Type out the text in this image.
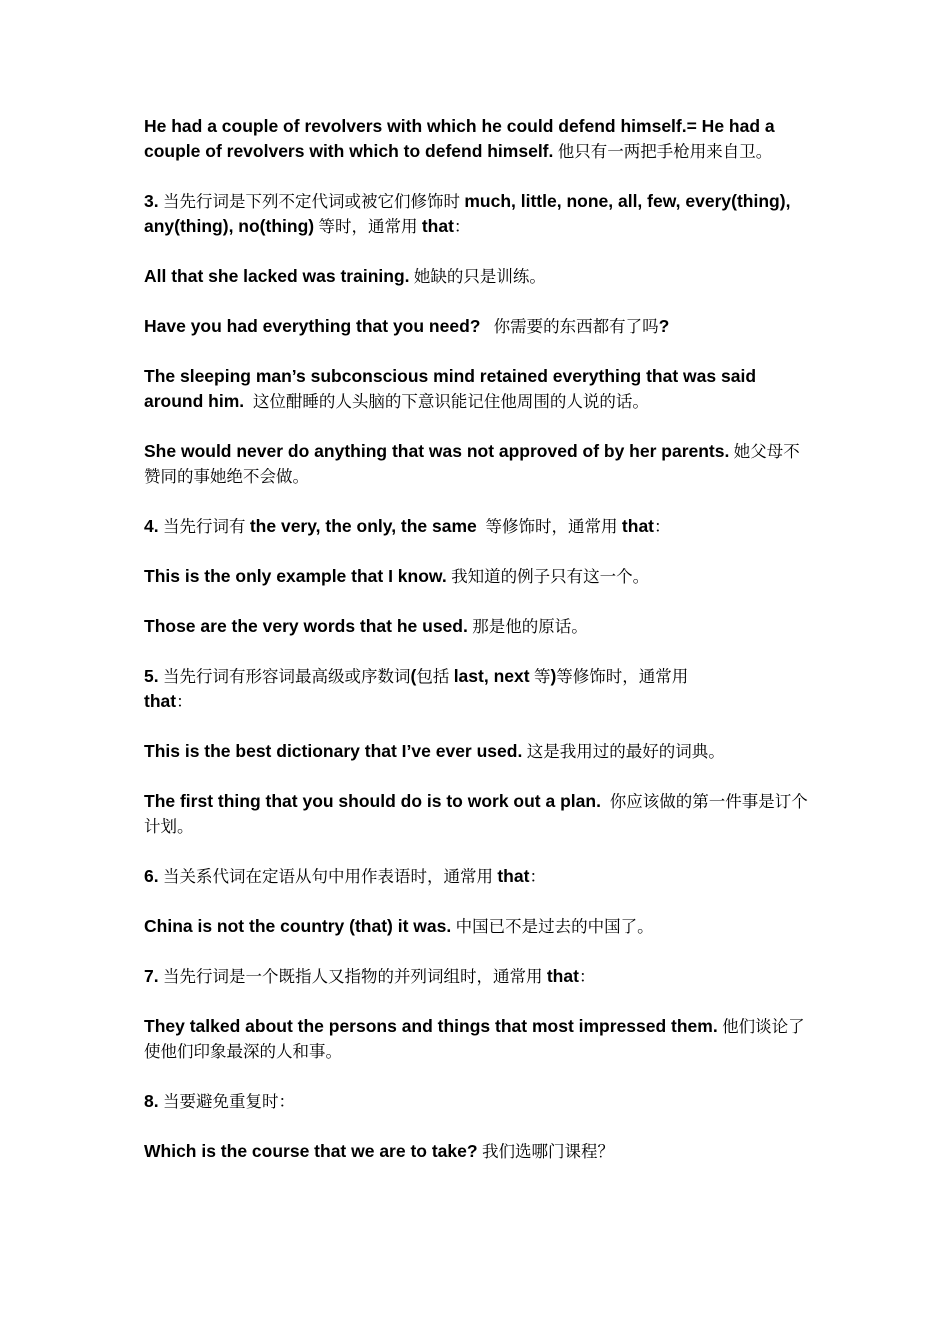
He had a couple of revolvers with which he could defend himself.= He had a couple of revolvers with which to defend himself. 他只有一两把手枪用来自卫。

3. 当先行词是下列不定代词或被它们修饰时 much, little, none, all, few, every(thing), any(thing), no(thing) 等时，通常用 that：

All that she lacked was training. 她缺的只是训练。

Have you had everything that you need? 你需要的东西都有了吗?

The sleeping man’s subconscious mind retained everything that was said around him. 这位酣睡的人头脑的下意识能记住他周围的人说的话。

She would never do anything that was not approved of by her parents. 她父母不赞同的事她绝不会做。

4. 当先行词有 the very, the only, the same 等修饰时，通常用 that：

This is the only example that I know. 我知道的例子只有这一个。

Those are the very words that he used. 那是他的原话。

5. 当先行词有形容词最高级或序数词(包括 last, next 等)等修饰时，通常用
that：

This is the best dictionary that I’ve ever used. 这是我用过的最好的词典。

The first thing that you should do is to work out a plan. 你应该做的第一件事是订个计划。

6. 当关系代词在定语从句中用作表语时，通常用 that：

China is not the country (that) it was. 中国已不是过去的中国了。

7. 当先行词是一个既指人又指物的并列词组时，通常用 that：

They talked about the persons and things that most impressed them. 他们谈论了使他们印象最深的人和事。

8. 当要避免重复时：

Which is the course that we are to take? 我们选哪门课程？
